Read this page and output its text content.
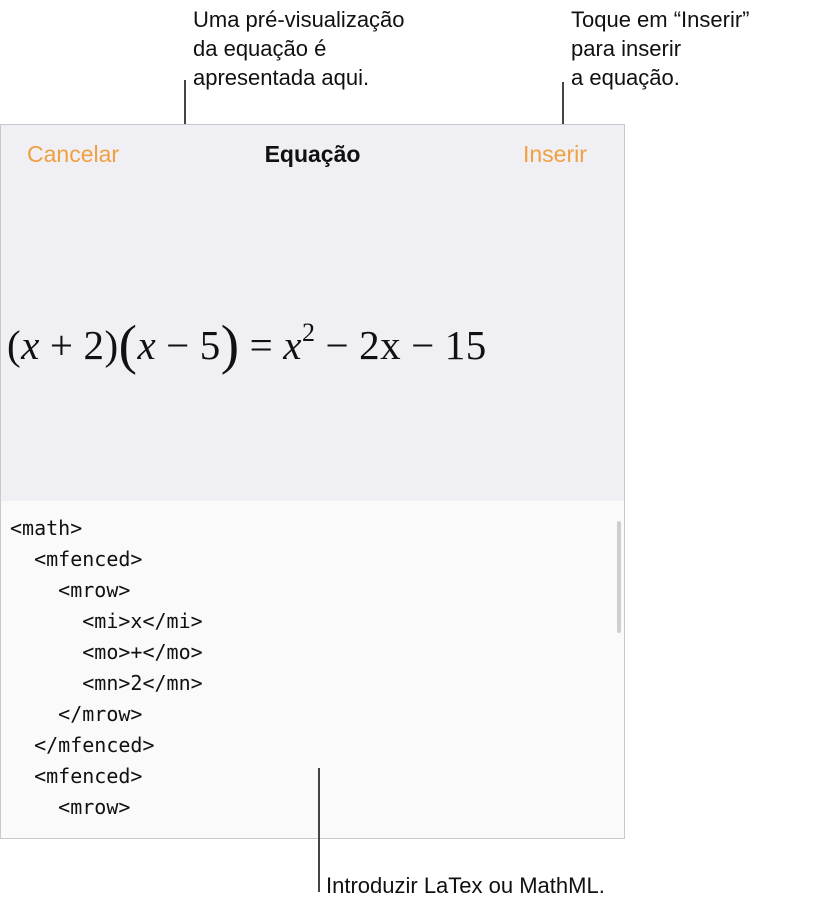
Uma pré-visualização
da equação é
apresentada aqui.
Toque em “Inserir”
para inserir
a equação.
Cancelar	Equação	Inserir
$(x + 2)(x - 5) = x^2 - 2x - 15$
<math>
<mfenced>
<mrow>
<mi>x</mi>
<mo>+</mo>
<mn>2</mn>
</mrow>
</mfenced>
<mfenced>
<mrow>
Introduzir LaTex ou MathML.
